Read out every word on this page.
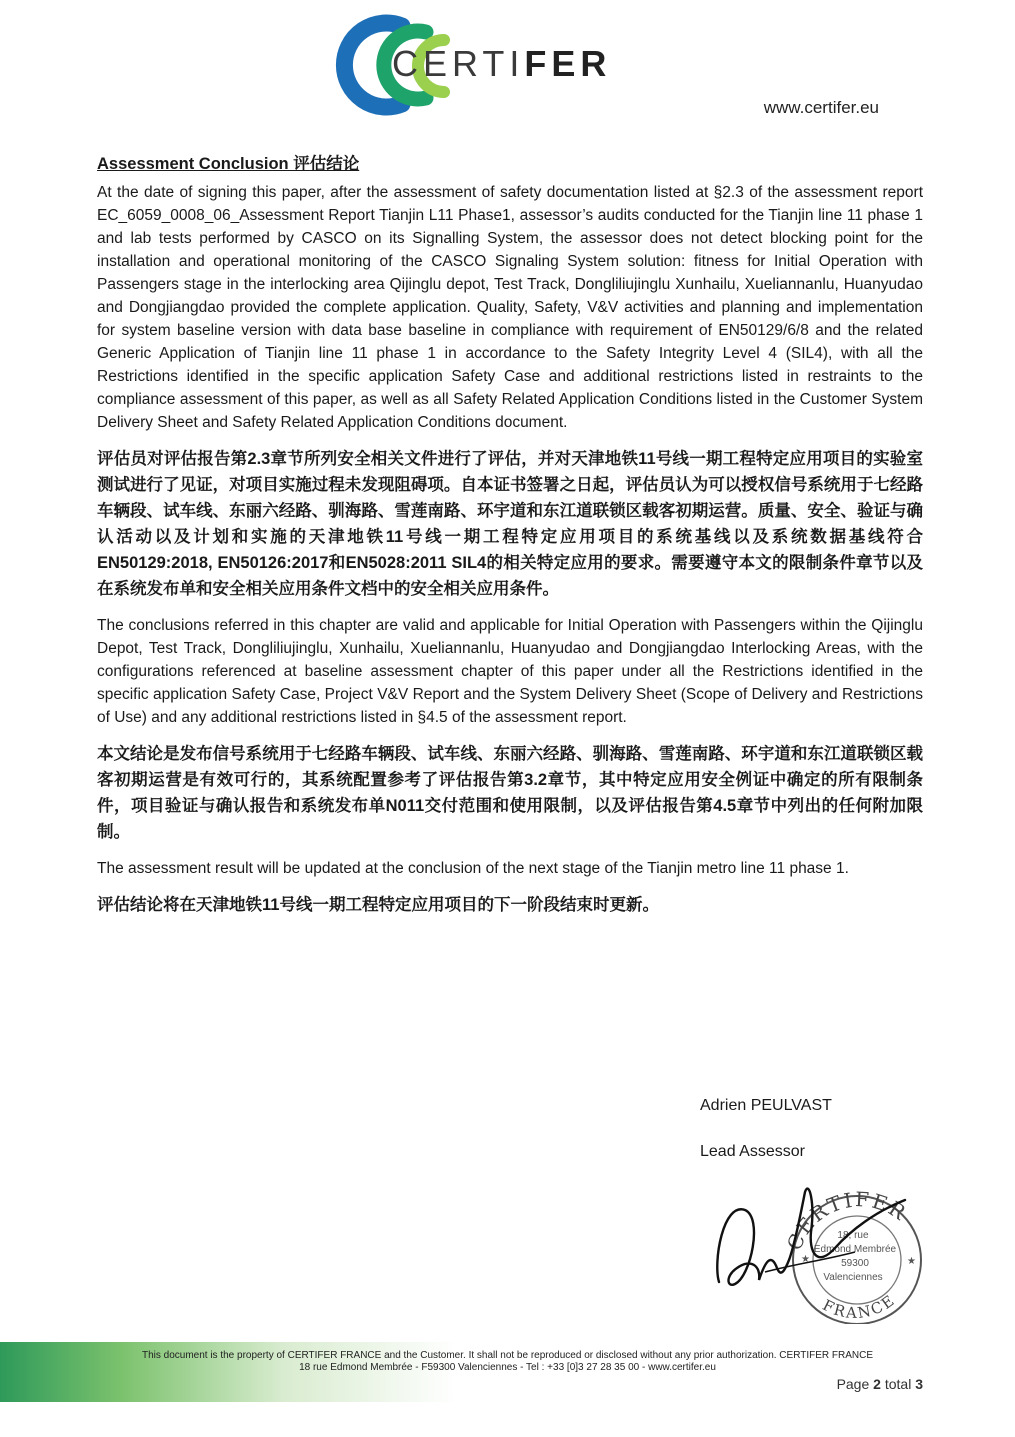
CERTIFER
www.certifer.eu
Assessment Conclusion 评估结论

At the date of signing this paper, after the assessment of safety documentation listed at §2.3 of the assessment report EC_6059_0008_06_Assessment Report Tianjin L11 Phase1, assessor’s audits conducted for the Tianjin line 11 phase 1 and lab tests performed by CASCO on its Signalling System, the assessor does not detect blocking point for the installation and operational monitoring of the CASCO Signaling System solution: fitness for Initial Operation with Passengers stage in the interlocking area Qijinglu depot, Test Track, Dongliliujinglu Xunhailu, Xueliannanlu, Huanyudao and Dongjiangdao provided the complete application. Quality, Safety, V&V activities and planning and implementation for system baseline version with data base baseline in compliance with requirement of EN50129/6/8 and the related Generic Application of Tianjin line 11 phase 1 in accordance to the Safety Integrity Level 4 (SIL4), with all the Restrictions identified in the specific application Safety Case and additional restrictions listed in restraints to the compliance assessment of this paper, as well as all Safety Related Application Conditions listed in the Customer System Delivery Sheet and Safety Related Application Conditions document.

评估员对评估报告第2.3章节所列安全相关文件进行了评估，并对天津地铁11号线一期工程特定应用项目的实验室测试进行了见证，对项目实施过程未发现阻碍项。自本证书签署之日起，评估员认为可以授权信号系统用于七经路车辆段、试车线、东丽六经路、驯海路、雪莲南路、环宇道和东江道联锁区载客初期运营。质量、安全、验证与确认活动以及计划和实施的天津地铁11号线一期工程特定应用项目的系统基线以及系统数据基线符合EN50129:2018, EN50126:2017和EN5028:2011 SIL4的相关特定应用的要求。需要遵守本文的限制条件章节以及在系统发布单和安全相关应用条件文档中的安全相关应用条件。

The conclusions referred in this chapter are valid and applicable for Initial Operation with Passengers within the Qijinglu Depot, Test Track, Dongliliujinglu, Xunhailu, Xueliannanlu, Huanyudao and Dongjiangdao Interlocking Areas, with the configurations referenced at baseline assessment chapter of this paper under all the Restrictions identified in the specific application Safety Case, Project V&V Report and the System Delivery Sheet (Scope of Delivery and Restrictions of Use) and any additional restrictions listed in §4.5 of the assessment report.

本文结论是发布信号系统用于七经路车辆段、试车线、东丽六经路、驯海路、雪莲南路、环宇道和东江道联锁区载客初期运营是有效可行的，其系统配置参考了评估报告第3.2章节，其中特定应用安全例证中确定的所有限制条件，项目验证与确认报告和系统发布单N011交付范围和使用限制，以及评估报告第4.5章节中列出的任何附加限制。

The assessment result will be updated at the conclusion of the next stage of the Tianjin metro line 11 phase 1.

评估结论将在天津地铁11号线一期工程特定应用项目的下一阶段结束时更新。

Adrien PEULVAST
Lead Assessor
CERTIFER
FRANCE
18, rue
Edmond Membrée
59300
Valenciennes
★	★
This document is the property of CERTIFER FRANCE and the Customer. It shall not be reproduced or disclosed without any prior authorization. CERTIFER FRANCE
18 rue Edmond Membrée - F59300 Valenciennes - Tel : +33 [0]3 27 28 35 00 - www.certifer.eu
Page 2 total 3
